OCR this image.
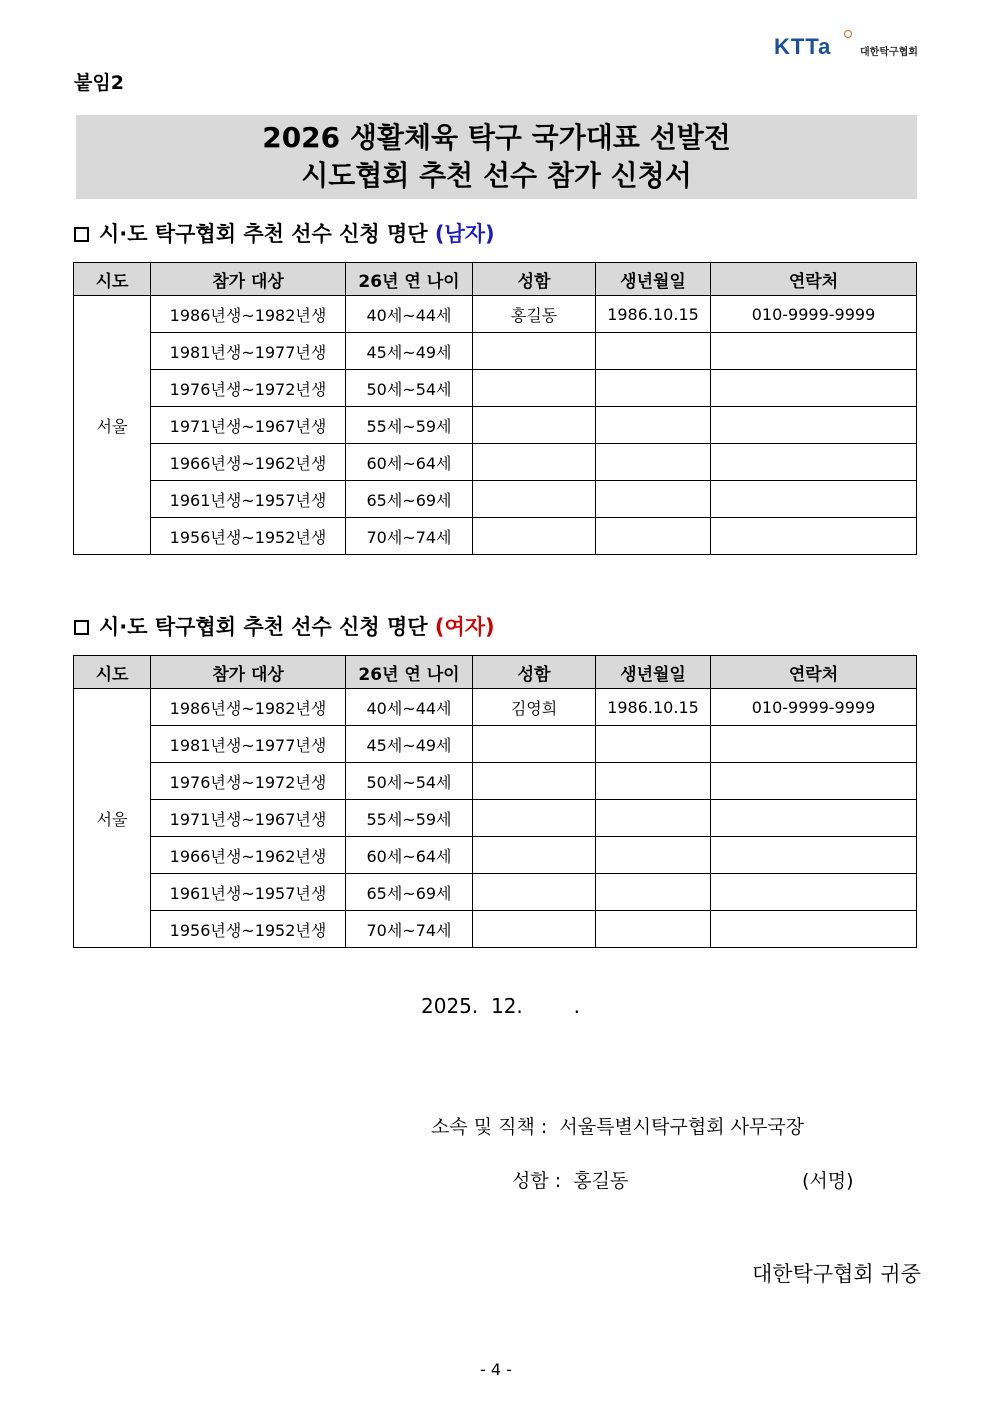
KTTa	대한탁구협회
붙임2
2026 생활체육 탁구 국가대표 선발전
시도협회 추천 선수 참가 신청서
시·도 탁구협회 추천 선수 신청 명단 (남자)
시도	참가 대상	26년 연 나이	성함	생년월일	연락처
서울	1986년생~1982년생	40세~44세	홍길동	1986.10.15	010-9999-9999
	1981년생~1977년생	45세~49세			
	1976년생~1972년생	50세~54세			
	1971년생~1967년생	55세~59세			
	1966년생~1962년생	60세~64세			
	1961년생~1957년생	65세~69세			
	1956년생~1952년생	70세~74세			
시·도 탁구협회 추천 선수 신청 명단 (여자)
시도	참가 대상	26년 연 나이	성함	생년월일	연락처
서울	1986년생~1982년생	40세~44세	김영희	1986.10.15	010-9999-9999
	1981년생~1977년생	45세~49세			
	1976년생~1972년생	50세~54세			
	1971년생~1967년생	55세~59세			
	1966년생~1962년생	60세~64세			
	1961년생~1957년생	65세~69세			
	1956년생~1952년생	70세~74세			
2025.  12.        .
소속 및 직책 : 서울특별시탁구협회 사무국장
성함 : 홍길동	(서명)
대한탁구협회 귀중
- 4 -
